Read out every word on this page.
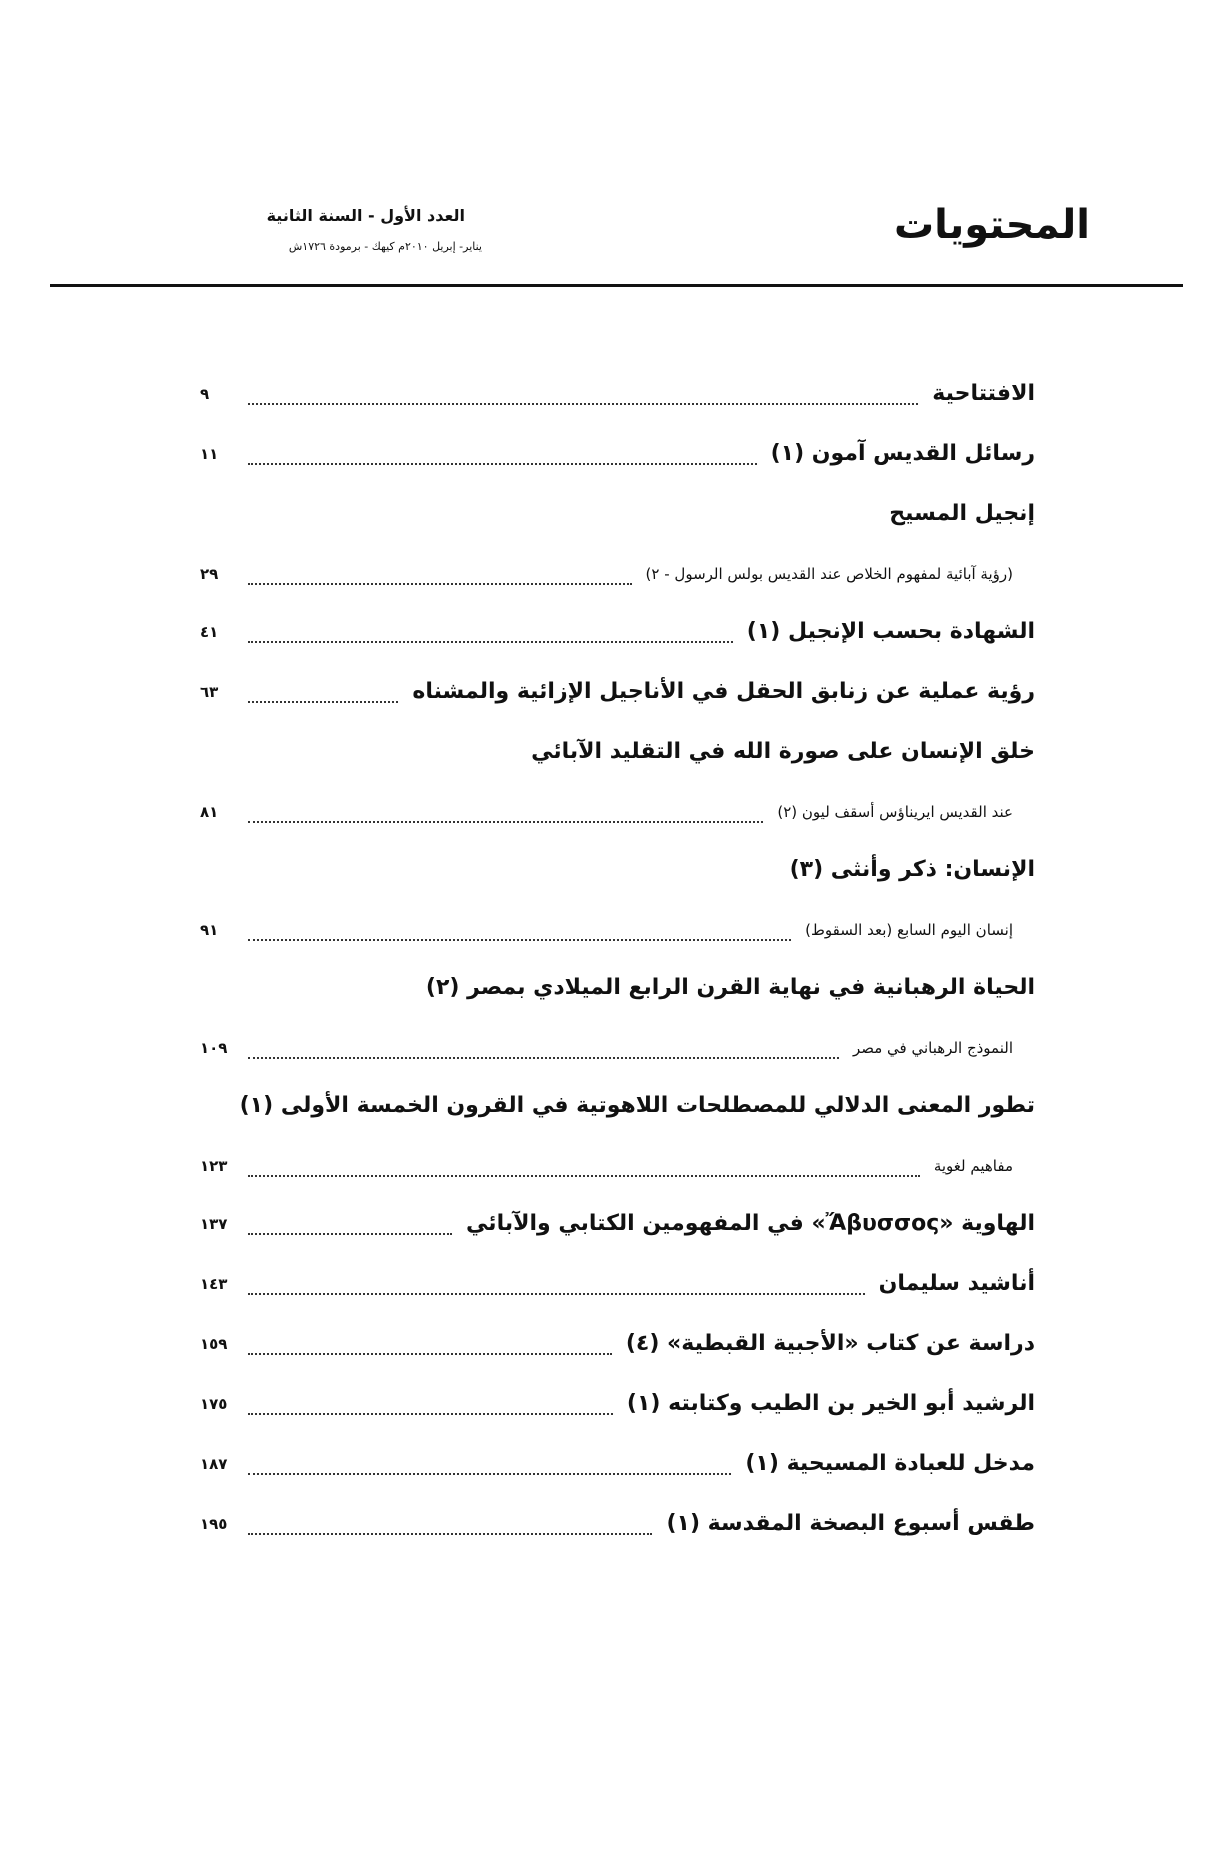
المحتويات
العدد الأول - السنة الثانية
يناير- إبريل ٢٠١٠م كيهك - برمودة ١٧٢٦ش
الافتتاحية
٩
رسائل القديس آمون (١)
١١
إنجيل المسيح
(رؤية آبائية لمفهوم الخلاص عند القديس بولس الرسول - ٢)
٢٩
الشهادة بحسب الإنجيل (١)
٤١
رؤية عملية عن زنابق الحقل في الأناجيل الإزائية والمشناه
٦٣
خلق الإنسان على صورة الله في التقليد الآبائي
عند القديس ايريناؤس أسقف ليون (٢)
٨١
الإنسان: ذكر وأنثى (٣)
إنسان اليوم السابع (بعد السقوط)
٩١
الحياة الرهبانية في نهاية القرن الرابع الميلادي بمصر (٢)
النموذج الرهباني في مصر
١٠٩
تطور المعنى الدلالي للمصطلحات اللاهوتية في القرون الخمسة الأولى (١)
مفاهيم لغوية
١٢٣
الهاوية «Ἄβυσσος» في المفهومين الكتابي والآبائي
١٣٧
أناشيد سليمان
١٤٣
دراسة عن كتاب «الأجبية القبطية» (٤)
١٥٩
الرشيد أبو الخير بن الطيب وكتابته (١)
١٧٥
مدخل للعبادة المسيحية (١)
١٨٧
طقس أسبوع البصخة المقدسة (١)
١٩٥
